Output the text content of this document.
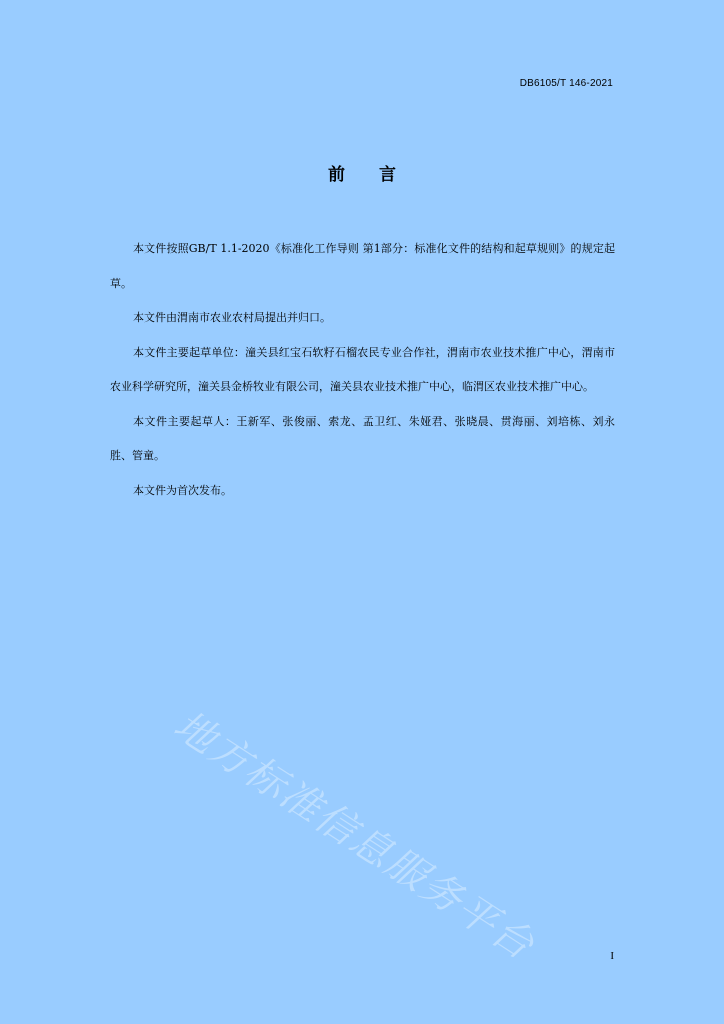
DB6105/T 146-2021
前言

本文件按照GB/T 1.1-2020《标准化工作导则 第1部分：标准化文件的结构和起草规则》的规定起草。

本文件由渭南市农业农村局提出并归口。

本文件主要起草单位：潼关县红宝石软籽石榴农民专业合作社，渭南市农业技术推广中心，渭南市农业科学研究所，潼关县金桥牧业有限公司，潼关县农业技术推广中心，临渭区农业技术推广中心。

本文件主要起草人：王新军、张俊丽、索龙、孟卫红、朱娅君、张晓晨、贯海丽、刘培栋、刘永胜、管童。

本文件为首次发布。

地方标准信息服务平台	I
